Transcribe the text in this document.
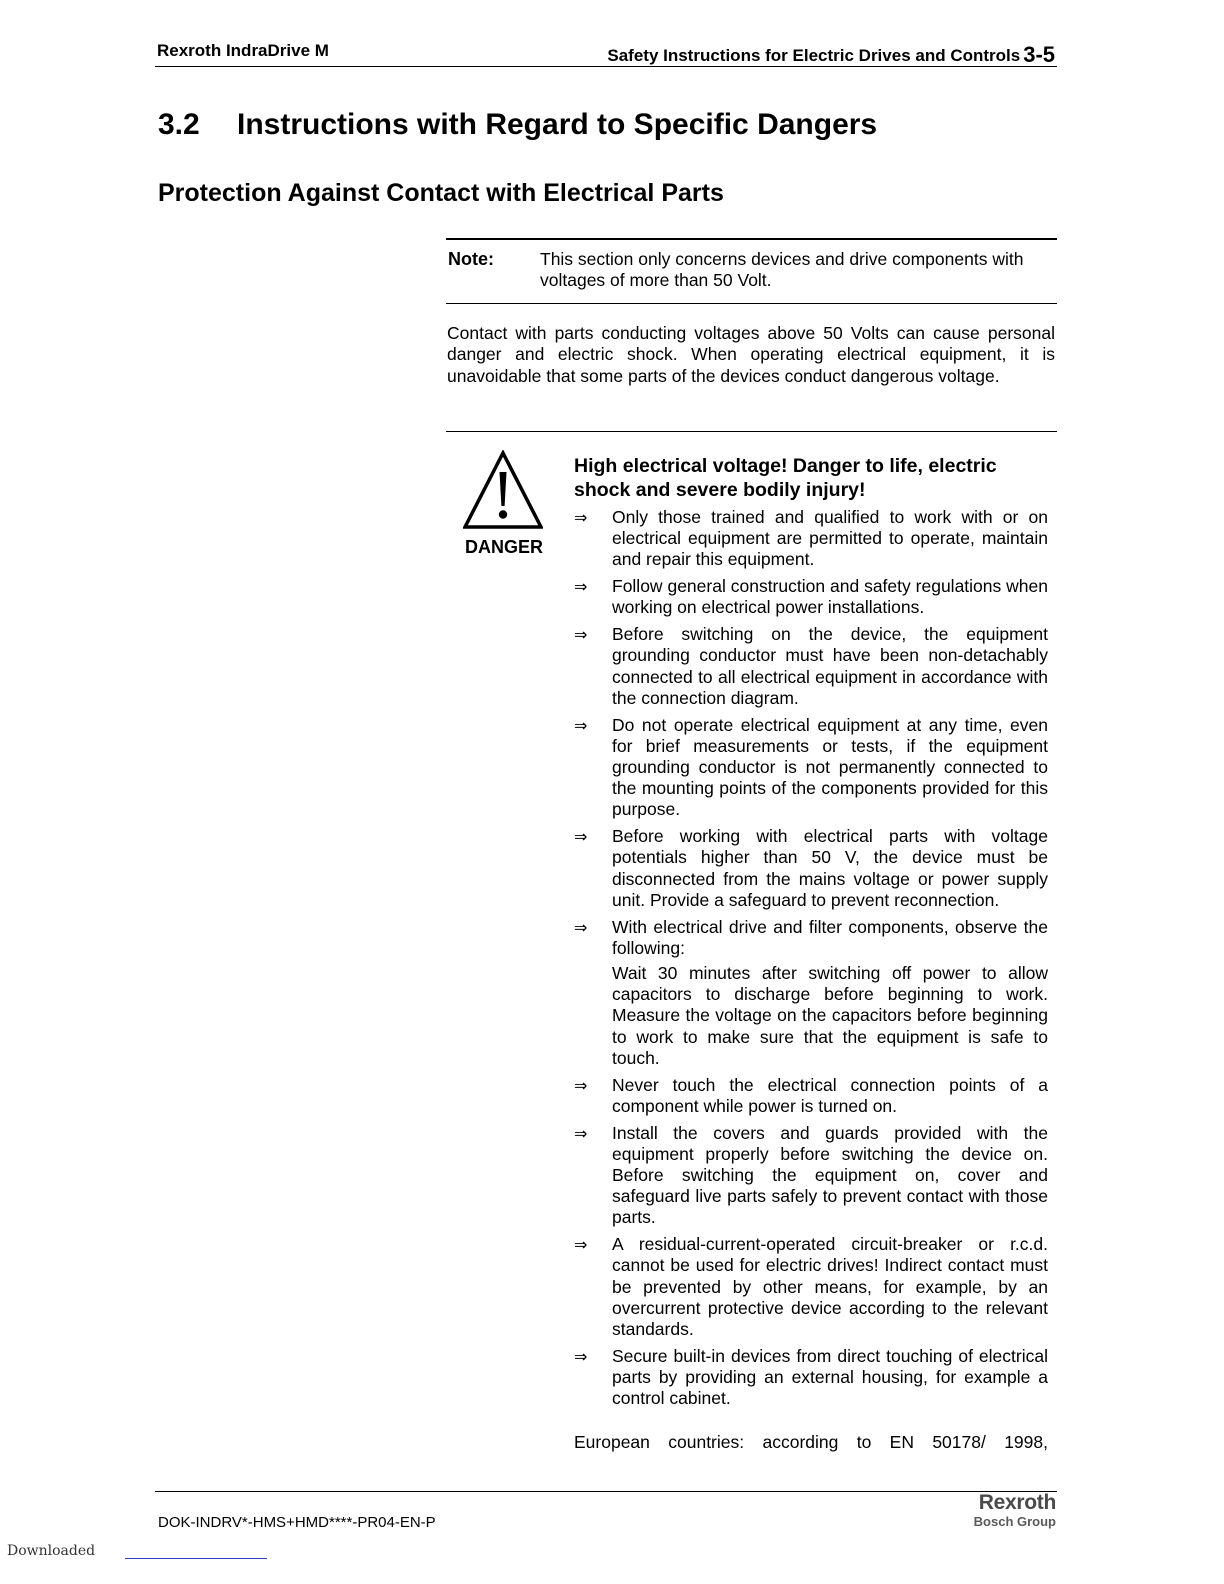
Rexroth IndraDrive M	Safety Instructions for Electric Drives and Controls 3-5
3.2 Instructions with Regard to Specific Dangers
Protection Against Contact with Electrical Parts
Note:	This section only concerns devices and drive components with voltages of more than 50 Volt.
Contact with parts conducting voltages above 50 Volts can cause personal danger and electric shock. When operating electrical equipment, it is unavoidable that some parts of the devices conduct dangerous voltage.
DANGER
High electrical voltage! Danger to life, electric shock and severe bodily injury!
⇒ Only those trained and qualified to work with or on electrical equipment are permitted to operate, maintain and repair this equipment.
⇒ Follow general construction and safety regulations when working on electrical power installations.
⇒ Before switching on the device, the equipment grounding conductor must have been non-detachably connected to all electrical equipment in accordance with the connection diagram.
⇒ Do not operate electrical equipment at any time, even for brief measurements or tests, if the equipment grounding conductor is not permanently connected to the mounting points of the components provided for this purpose.
⇒ Before working with electrical parts with voltage potentials higher than 50 V, the device must be disconnected from the mains voltage or power supply unit. Provide a safeguard to prevent reconnection.
⇒ With electrical drive and filter components, observe the following:
Wait 30 minutes after switching off power to allow capacitors to discharge before beginning to work. Measure the voltage on the capacitors before beginning to work to make sure that the equipment is safe to touch.
⇒ Never touch the electrical connection points of a component while power is turned on.
⇒ Install the covers and guards provided with the equipment properly before switching the device on. Before switching the equipment on, cover and safeguard live parts safely to prevent contact with those parts.
⇒ A residual-current-operated circuit-breaker or r.c.d. cannot be used for electric drives! Indirect contact must be prevented by other means, for example, by an overcurrent protective device according to the relevant standards.
⇒ Secure built-in devices from direct touching of electrical parts by providing an external housing, for example a control cabinet.
European countries: according to EN 50178/ 1998,
DOK-INDRV*-HMS+HMD****-PR04-EN-P
Rexroth
Bosch Group
Downloaded
